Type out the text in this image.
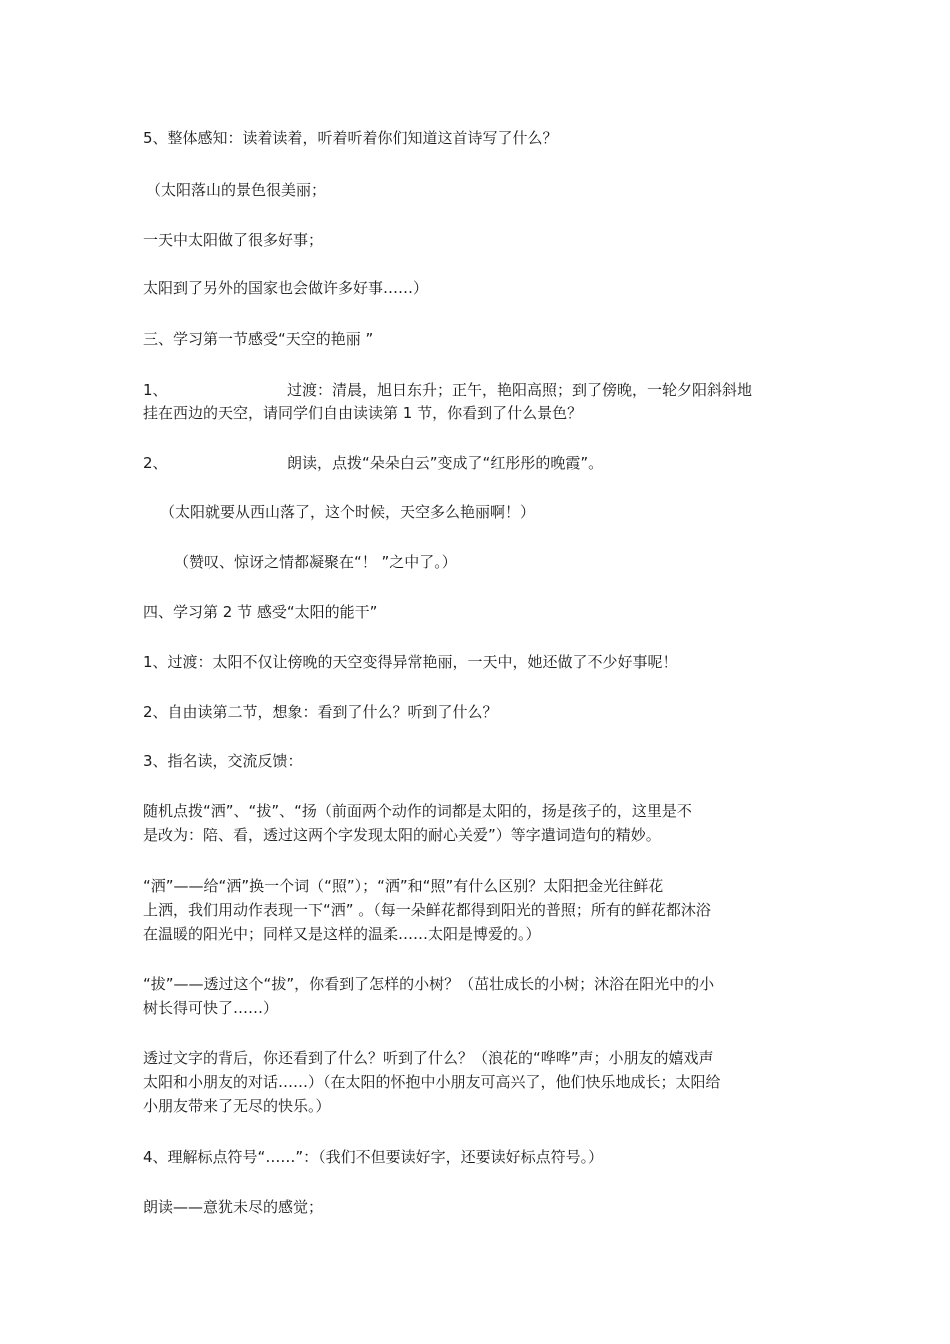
5、整体感知：读着读着，听着听着你们知道这首诗写了什么？
（太阳落山的景色很美丽；
一天中太阳做了很多好事；
太阳到了另外的国家也会做许多好事……）
三、学习第一节感受“天空的艳丽 ”
1、	过渡：清晨，旭日东升；正午，艳阳高照；到了傍晚，一轮夕阳斜斜地
挂在西边的天空，请同学们自由读读第 1 节，你看到了什么景色？
2、	朗读，点拨“朵朵白云”变成了“红彤彤的晚霞”。
（太阳就要从西山落了，这个时候，天空多么艳丽啊！）
（赞叹、惊讶之情都凝聚在“！ ”之中了。）
四、学习第 2 节 感受“太阳的能干”
1、过渡：太阳不仅让傍晚的天空变得异常艳丽，一天中，她还做了不少好事呢！
2、自由读第二节，想象：看到了什么？听到了什么？
3、指名读，交流反馈：
随机点拨“洒”、“拔”、“扬（前面两个动作的词都是太阳的，扬是孩子的，这里是不
是改为：陪、看，透过这两个字发现太阳的耐心关爱”）等字遣词造句的精妙。
“洒”——给“洒”换一个词（“照”）；“洒”和“照”有什么区别？太阳把金光往鲜花
上洒，我们用动作表现一下“洒” 。（每一朵鲜花都得到阳光的普照；所有的鲜花都沐浴
在温暖的阳光中；同样又是这样的温柔……太阳是博爱的。）
“拔”——透过这个“拔”，你看到了怎样的小树？（茁壮成长的小树；沐浴在阳光中的小
树长得可快了……）
透过文字的背后，你还看到了什么？听到了什么？（浪花的“哗哗”声；小朋友的嬉戏声
太阳和小朋友的对话……）（在太阳的怀抱中小朋友可高兴了，他们快乐地成长；太阳给
小朋友带来了无尽的快乐。）
4、理解标点符号“……”：（我们不但要读好字，还要读好标点符号。）
朗读——意犹未尽的感觉；
